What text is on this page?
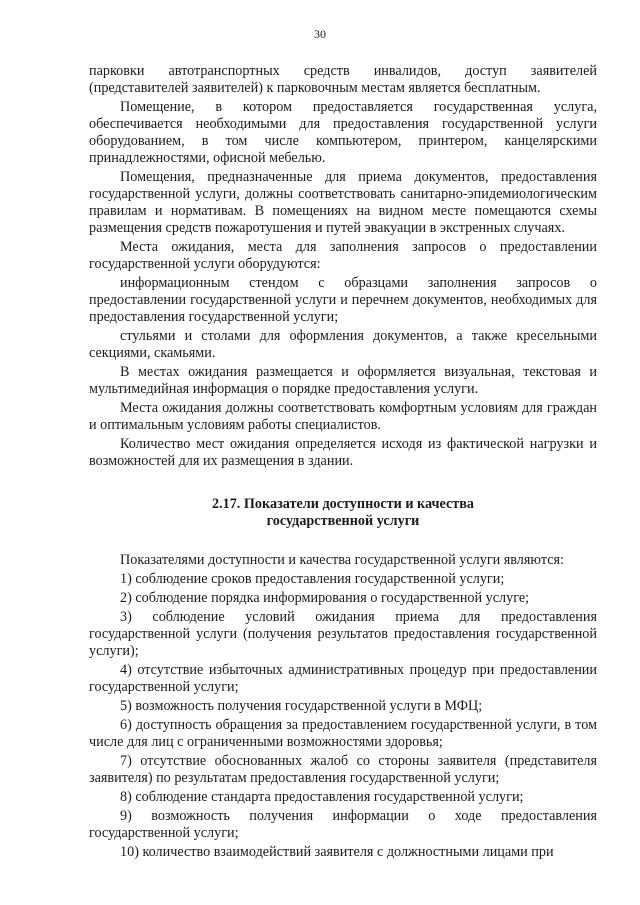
30

парковки автотранспортных средств инвалидов, доступ заявителей (представителей заявителей) к парковочным местам является бесплатным.

Помещение, в котором предоставляется государственная услуга, обеспечивается необходимыми для предоставления государственной услуги оборудованием, в том числе компьютером, принтером, канцелярскими принадлежностями, офисной мебелью.

Помещения, предназначенные для приема документов, предоставления государственной услуги, должны соответствовать санитарно-эпидемиологическим правилам и нормативам. В помещениях на видном месте помещаются схемы размещения средств пожаротушения и путей эвакуации в экстренных случаях.

Места ожидания, места для заполнения запросов о предоставлении государственной услуги оборудуются:

информационным стендом с образцами заполнения запросов о предоставлении государственной услуги и перечнем документов, необходимых для предоставления государственной услуги;

стульями и столами для оформления документов, а также кресельными секциями, скамьями.

В местах ожидания размещается и оформляется визуальная, текстовая и мультимедийная информация о порядке предоставления услуги.

Места ожидания должны соответствовать комфортным условиям для граждан и оптимальным условиям работы специалистов.

Количество мест ожидания определяется исходя из фактической нагрузки и возможностей для их размещения в здании.

2.17. Показатели доступности и качества
государственной услуги

Показателями доступности и качества государственной услуги являются:

1) соблюдение сроков предоставления государственной услуги;

2) соблюдение порядка информирования о государственной услуге;

3) соблюдение условий ожидания приема для предоставления государственной услуги (получения результатов предоставления государственной услуги);

4) отсутствие избыточных административных процедур при предоставлении государственной услуги;

5) возможность получения государственной услуги в МФЦ;

6) доступность обращения за предоставлением государственной услуги, в том числе для лиц с ограниченными возможностями здоровья;

7) отсутствие обоснованных жалоб со стороны заявителя (представителя заявителя) по результатам предоставления государственной услуги;

8) соблюдение стандарта предоставления государственной услуги;

9) возможность получения информации о ходе предоставления государственной услуги;

10) количество взаимодействий заявителя с должностными лицами при
